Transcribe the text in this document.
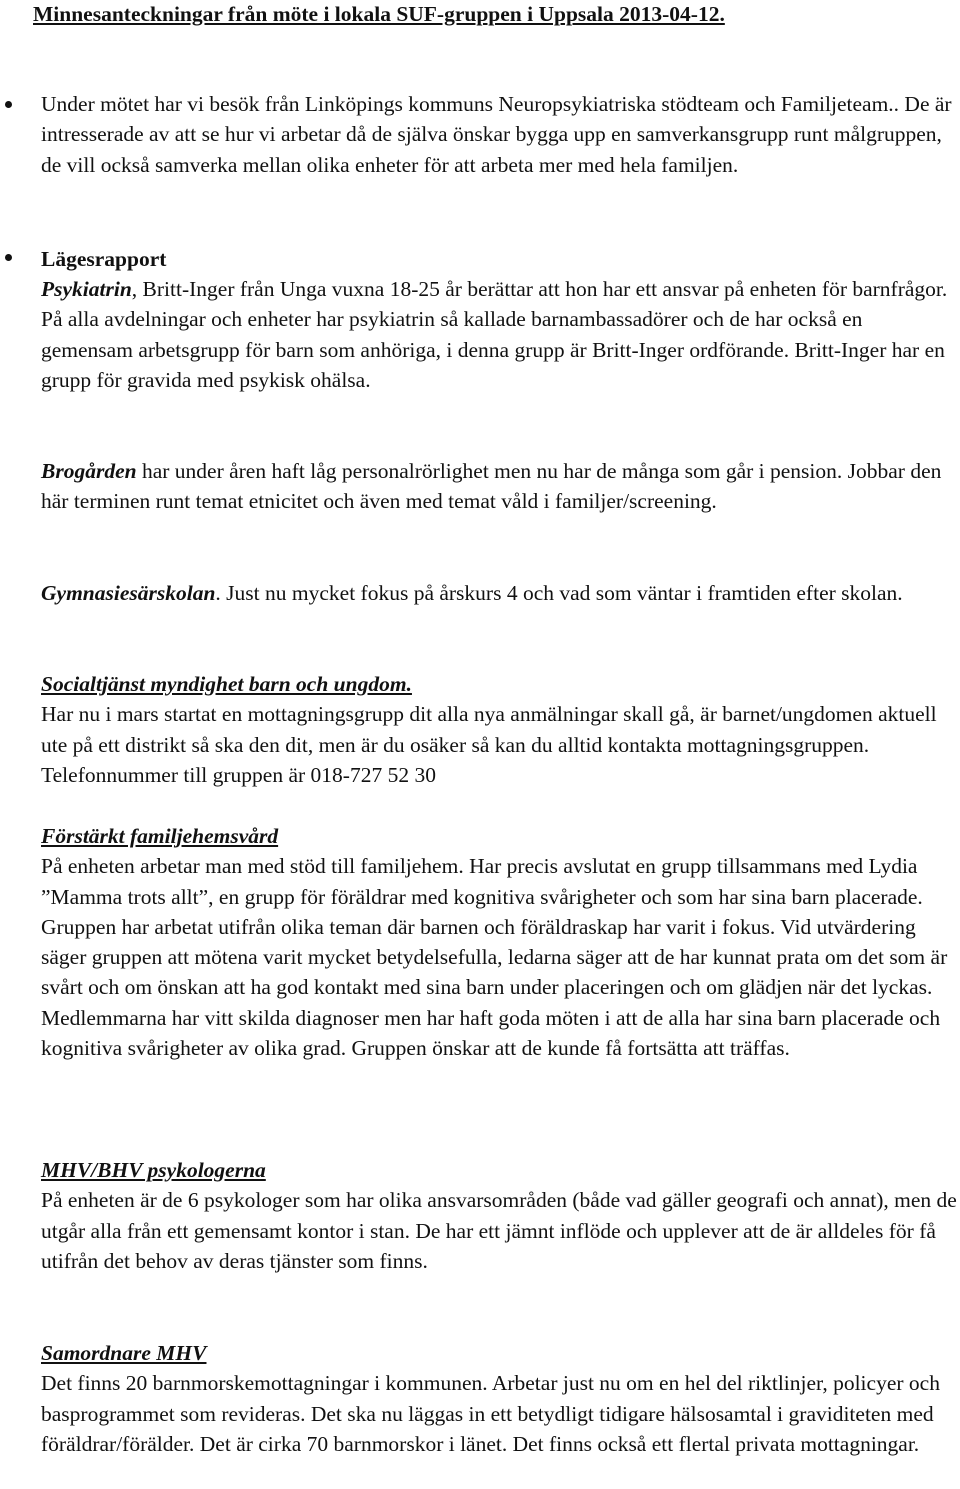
Minnesanteckningar från möte i lokala SUF-gruppen i Uppsala 2013-04-12.
Under mötet har vi besök från Linköpings kommuns Neuropsykiatriska stödteam och Familjeteam.. De är intresserade av att se hur vi arbetar då de själva önskar bygga upp en samverkansgrupp runt målgruppen, de vill också samverka mellan olika enheter för att arbeta mer med hela familjen.
Lägesrapport

Psykiatrin, Britt-Inger från Unga vuxna 18-25 år berättar att hon har ett ansvar på enheten för barnfrågor. På alla avdelningar och enheter har psykiatrin så kallade barnambassadörer och de har också en gemensam arbetsgrupp för barn som anhöriga, i denna grupp är Britt-Inger ordförande. Britt-Inger har en grupp för gravida med psykisk ohälsa.

Brogården har under åren haft låg personalrörlighet men nu har de många som går i pension. Jobbar den här terminen runt temat etnicitet och även med temat våld i familjer/screening.

Gymnasiesärskolan. Just nu mycket fokus på årskurs 4 och vad som väntar i framtiden efter skolan.

Socialtjänst myndighet barn och ungdom.
Har nu i mars startat en mottagningsgrupp dit alla nya anmälningar skall gå, är barnet/ungdomen aktuell ute på ett distrikt så ska den dit, men är du osäker så kan du alltid kontakta mottagningsgruppen. Telefonnummer till gruppen är 018-727 52 30
Förstärkt familjehemsvård
På enheten arbetar man med stöd till familjehem. Har precis avslutat en grupp tillsammans med Lydia ”Mamma trots allt”, en grupp för föräldrar med kognitiva svårigheter och som har sina barn placerade. Gruppen har arbetat utifrån olika teman där barnen och föräldraskap har varit i fokus. Vid utvärdering säger gruppen att mötena varit mycket betydelsefulla, ledarna säger att de har kunnat prata om det som är svårt och om önskan att ha god kontakt med sina barn under placeringen och om glädjen när det lyckas. Medlemmarna har vitt skilda diagnoser men har haft goda möten i att de alla har sina barn placerade och kognitiva svårigheter av olika grad. Gruppen önskar att de kunde få fortsätta att träffas.
MHV/BHV psykologerna
På enheten är de 6 psykologer som har olika ansvarsområden (både vad gäller geografi och annat), men de utgår alla från ett gemensamt kontor i stan. De har ett jämnt inflöde och upplever att de är alldeles för få utifrån det behov av deras tjänster som finns.
Samordnare MHV
Det finns 20 barnmorskemottagningar i kommunen. Arbetar just nu om en hel del riktlinjer, policyer och basprogrammet som revideras. Det ska nu läggas in ett betydligt tidigare hälsosamtal i graviditeten med föräldrar/förälder. Det är cirka 70 barnmorskor i länet. Det finns också ett flertal privata mottagningar.
